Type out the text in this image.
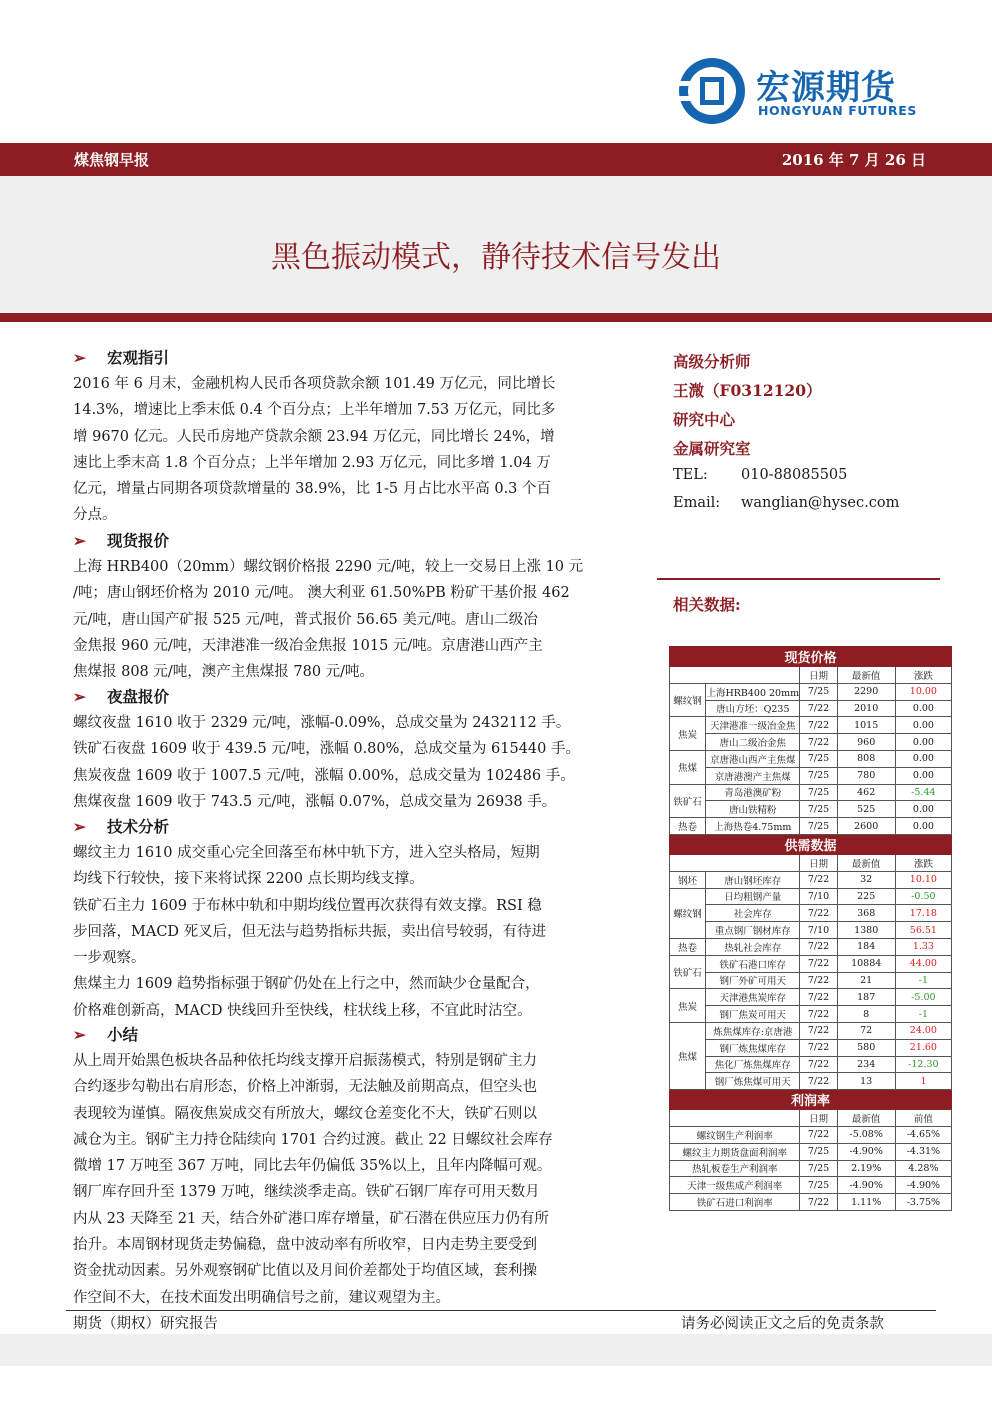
宏源期货
HONGYUAN FUTURES
煤焦钢早报	2016 年 7 月 26 日
黑色振动模式，静待技术信号发出
➢ 宏观指引
2016 年 6 月末，金融机构人民币各项贷款余额 101.49 万亿元，同比增长
14.3%，增速比上季末低 0.4 个百分点；上半年增加 7.53 万亿元，同比多
增 9670 亿元。人民币房地产贷款余额 23.94 万亿元，同比增长 24%，增
速比上季末高 1.8 个百分点；上半年增加 2.93 万亿元，同比多增 1.04 万
亿元，增量占同期各项贷款增量的 38.9%，比 1-5 月占比水平高 0.3 个百
分点。
➢ 现货报价
上海 HRB400（20mm）螺纹钢价格报 2290 元/吨，较上一交易日上涨 10 元
/吨；唐山钢坯价格为 2010 元/吨。 澳大利亚 61.50%PB 粉矿干基价报 462
元/吨，唐山国产矿报 525 元/吨，普式报价 56.65 美元/吨。唐山二级冶
金焦报 960 元/吨，天津港准一级冶金焦报 1015 元/吨。京唐港山西产主
焦煤报 808 元/吨，澳产主焦煤报 780 元/吨。
➢ 夜盘报价
螺纹夜盘 1610 收于 2329 元/吨，涨幅-0.09%，总成交量为 2432112 手。
铁矿石夜盘 1609 收于 439.5 元/吨，涨幅 0.80%，总成交量为 615440 手。
焦炭夜盘 1609 收于 1007.5 元/吨，涨幅 0.00%，总成交量为 102486 手。
焦煤夜盘 1609 收于 743.5 元/吨，涨幅 0.07%，总成交量为 26938 手。
➢ 技术分析
螺纹主力 1610 成交重心完全回落至布林中轨下方，进入空头格局，短期
均线下行较快，接下来将试探 2200 点长期均线支撑。
铁矿石主力 1609 于布林中轨和中期均线位置再次获得有效支撑。RSI 稳
步回落，MACD 死叉后，但无法与趋势指标共振，卖出信号较弱，有待进
一步观察。
焦煤主力 1609 趋势指标强于钢矿仍处在上行之中，然而缺少仓量配合，
价格难创新高，MACD 快线回升至快线，柱状线上移，不宜此时沽空。
➢ 小结
从上周开始黑色板块各品种依托均线支撑开启振荡模式，特别是钢矿主力
合约逐步勾勒出右肩形态，价格上冲渐弱，无法触及前期高点，但空头也
表现较为谨慎。隔夜焦炭成交有所放大，螺纹仓差变化不大，铁矿石则以
减仓为主。钢矿主力持仓陆续向 1701 合约过渡。截止 22 日螺纹社会库存
微增 17 万吨至 367 万吨，同比去年仍偏低 35%以上，且年内降幅可观。
钢厂库存回升至 1379 万吨，继续淡季走高。铁矿石钢厂库存可用天数月
内从 23 天降至 21 天，结合外矿港口库存增量，矿石潜在供应压力仍有所
抬升。本周钢材现货走势偏稳，盘中波动率有所收窄，日内走势主要受到
资金扰动因素。另外观察钢矿比值以及月间价差都处于均值区域，套利操
作空间不大，在技术面发出明确信号之前，建议观望为主。
高级分析师
王溦（F0312120）
研究中心
金属研究室
TEL: 010-88085505
Email: wanglian@hysec.com
相关数据:
现货价格				
		日期	最新值	涨跌
螺纹钢	上海HRB400 20mm	7/25	2290	10.00
	唐山方坯：Q235	7/22	2010	0.00
焦炭	天津港准一级冶金焦	7/22	1015	0.00
	唐山二级冶金焦	7/22	960	0.00
焦煤	京唐港山西产主焦煤	7/25	808	0.00
	京唐港澳产主焦煤	7/25	780	0.00
铁矿石	青岛港澳矿粉	7/25	462	-5.44
	唐山铁精粉	7/25	525	0.00
热卷	上海热卷4.75mm	7/25	2600	0.00
供需数据				
		日期	最新值	涨跌
钢坯	唐山钢坯库存	7/22	32	10.10
螺纹钢	日均粗钢产量	7/10	225	-0.50
	社会库存	7/22	368	17.18
	重点钢厂钢材库存	7/10	1380	56.51
热卷	热轧社会库存	7/22	184	1.33
铁矿石	铁矿石港口库存	7/22	10884	44.00
	钢厂外矿可用天	7/22	21	-1
焦炭	天津港焦炭库存	7/22	187	-5.00
	钢厂焦炭可用天	7/22	8	-1
焦煤	炼焦煤库存:京唐港	7/22	72	24.00
	钢厂炼焦煤库存	7/22	580	21.60
	焦化厂炼焦煤库存	7/22	234	-12.30
	钢厂炼焦煤可用天	7/22	13	1
利润率				
		日期	最新值	前值
螺纹钢生产利润率		7/22	-5.08%	-4.65%
螺纹主力期货盘面利润率		7/25	-4.90%	-4.31%
热轧板卷生产利润率		7/25	2.19%	4.28%
天津一级焦成产利润率		7/25	-4.90%	-4.90%
铁矿石进口利润率		7/22	1.11%	-3.75%
期货（期权）研究报告	请务必阅读正文之后的免责条款
